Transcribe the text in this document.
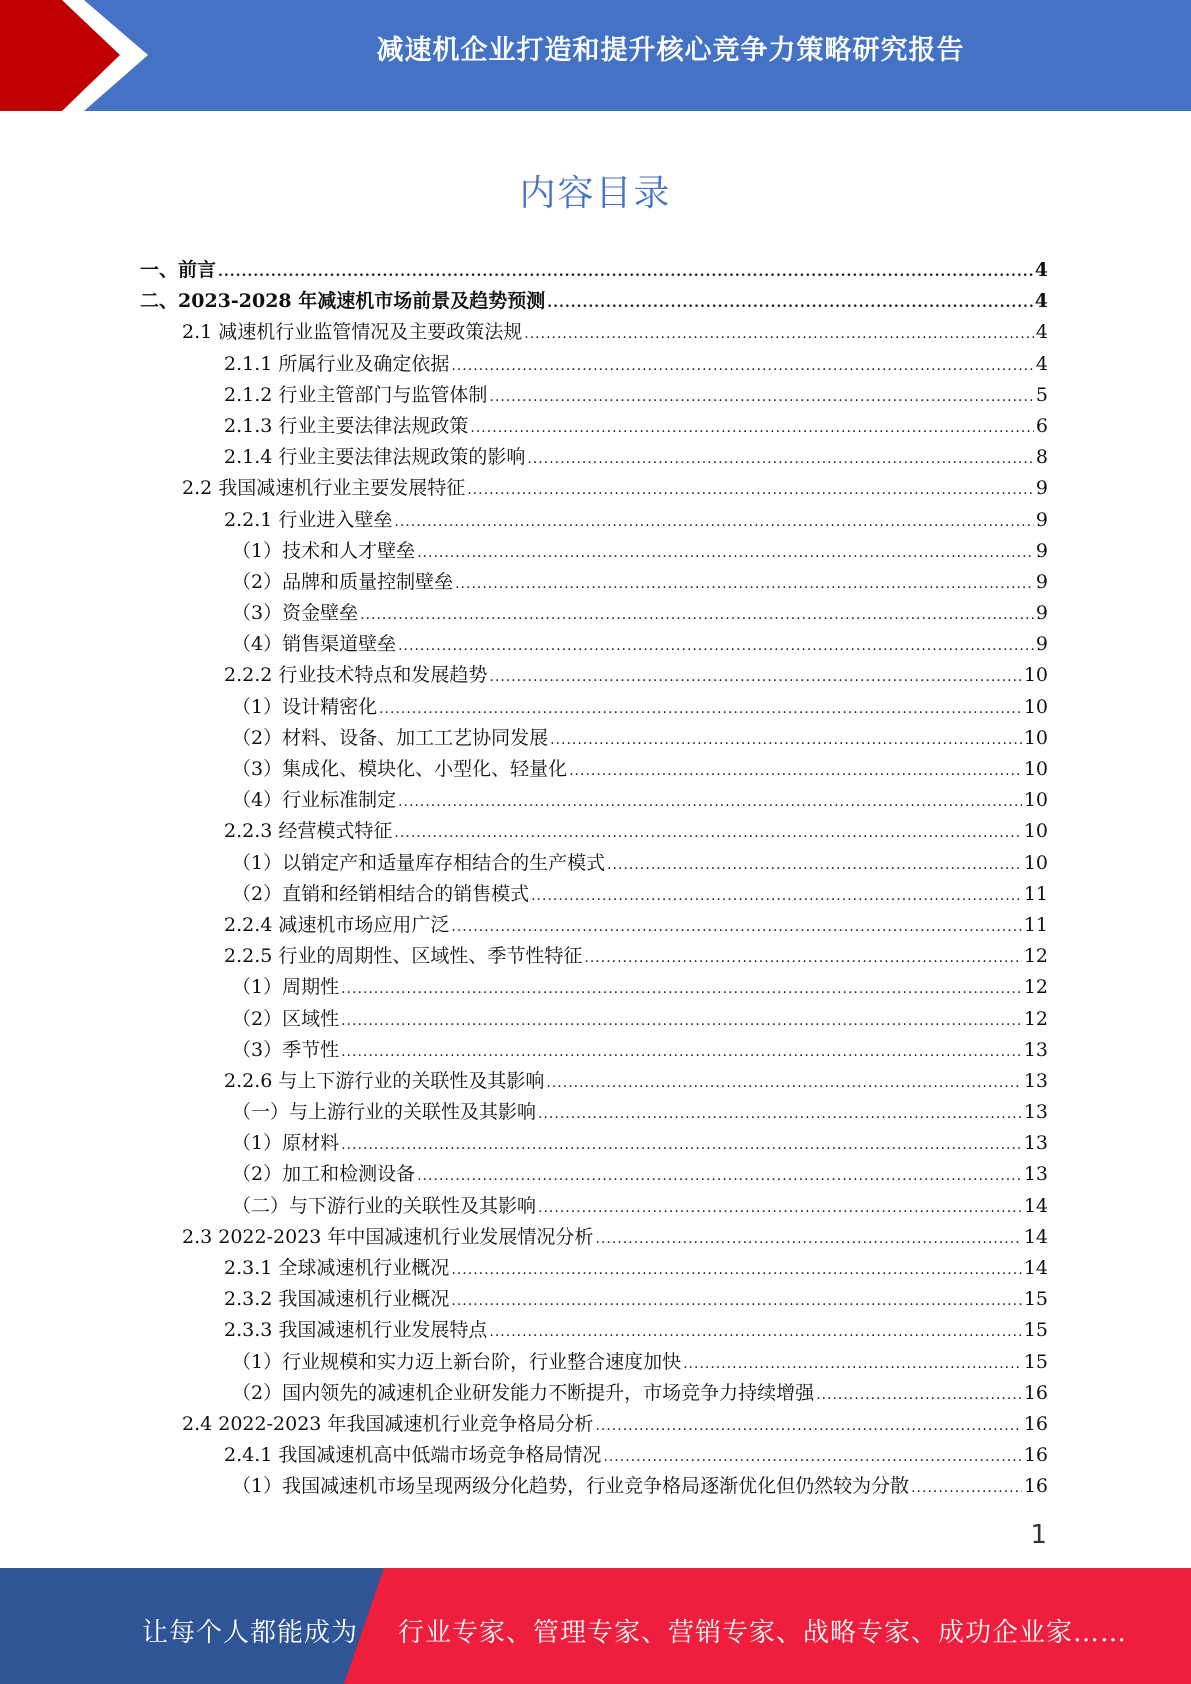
减速机企业打造和提升核心竞争力策略研究报告
内容目录
一、前言 .....	4
二、2023-2028 年减速机市场前景及趋势预测 .....	4
2.1 减速机行业监管情况及主要政策法规 .....	4
2.1.1 所属行业及确定依据 .....	4
2.1.2 行业主管部门与监管体制 .....	5
2.1.3 行业主要法律法规政策 .....	6
2.1.4 行业主要法律法规政策的影响 .....	8
2.2 我国减速机行业主要发展特征 .....	9
2.2.1 行业进入壁垒 .....	9
（1）技术和人才壁垒 .....	9
（2）品牌和质量控制壁垒 .....	9
（3）资金壁垒 .....	9
（4）销售渠道壁垒 .....	9
2.2.2 行业技术特点和发展趋势 .....	10
（1）设计精密化 .....	10
（2）材料、设备、加工工艺协同发展 .....	10
（3）集成化、模块化、小型化、轻量化 .....	10
（4）行业标准制定 .....	10
2.2.3 经营模式特征 .....	10
（1）以销定产和适量库存相结合的生产模式 .....	10
（2）直销和经销相结合的销售模式 .....	11
2.2.4 减速机市场应用广泛 .....	11
2.2.5 行业的周期性、区域性、季节性特征 .....	12
（1）周期性 .....	12
（2）区域性 .....	12
（3）季节性 .....	13
2.2.6 与上下游行业的关联性及其影响 .....	13
（一）与上游行业的关联性及其影响 .....	13
（1）原材料 .....	13
（2）加工和检测设备 .....	13
（二）与下游行业的关联性及其影响 .....	14
2.3 2022-2023 年中国减速机行业发展情况分析 .....	14
2.3.1 全球减速机行业概况 .....	14
2.3.2 我国减速机行业概况 .....	15
2.3.3 我国减速机行业发展特点 .....	15
（1）行业规模和实力迈上新台阶，行业整合速度加快 .....	15
（2）国内领先的减速机企业研发能力不断提升，市场竞争力持续增强 .....	16
2.4 2022-2023 年我国减速机行业竞争格局分析 .....	16
2.4.1 我国减速机高中低端市场竞争格局情况 .....	16
（1）我国减速机市场呈现两级分化趋势，行业竞争格局逐渐优化但仍然较为分散 .....	16
1
让每个人都能成为 行业专家、管理专家、营销专家、战略专家、成功企业家……
